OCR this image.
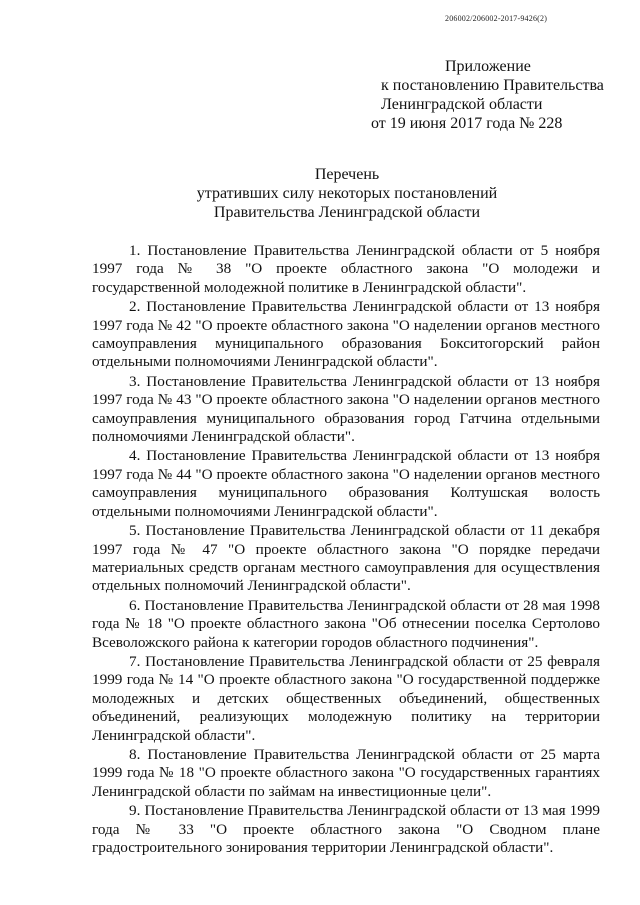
206002/206002-2017-9426(2)
Приложение
к постановлению Правительства
Ленинградской области
от 19 июня 2017 года № 228
Перечень
утративших силу некоторых постановлений
Правительства Ленинградской области

1. Постановление Правительства Ленинградской области от 5 ноября 1997 года № 38 "О проекте областного закона "О молодежи и государственной молодежной политике в Ленинградской области".

2. Постановление Правительства Ленинградской области от 13 ноября 1997 года № 42 "О проекте областного закона "О наделении органов местного самоуправления муниципального образования Бокситогорский район отдельными полномочиями Ленинградской области".

3. Постановление Правительства Ленинградской области от 13 ноября 1997 года № 43 "О проекте областного закона "О наделении органов местного самоуправления муниципального образования город Гатчина отдельными полномочиями Ленинградской области".

4. Постановление Правительства Ленинградской области от 13 ноября 1997 года № 44 "О проекте областного закона "О наделении органов местного самоуправления муниципального образования Колтушская волость отдельными полномочиями Ленинградской области".

5. Постановление Правительства Ленинградской области от 11 декабря 1997 года № 47 "О проекте областного закона "О порядке передачи материальных средств органам местного самоуправления для осуществления отдельных полномочий Ленинградской области".

6. Постановление Правительства Ленинградской области от 28 мая 1998 года № 18 "О проекте областного закона "Об отнесении поселка Сертолово Всеволожского района к категории городов областного подчинения".

7. Постановление Правительства Ленинградской области от 25 февраля 1999 года № 14 "О проекте областного закона "О государственной поддержке молодежных и детских общественных объединений, общественных объединений, реализующих молодежную политику на территории Ленинградской области".

8. Постановление Правительства Ленинградской области от 25 марта 1999 года № 18 "О проекте областного закона "О государственных гарантиях Ленинградской области по займам на инвестиционные цели".

9. Постановление Правительства Ленинградской области от 13 мая 1999 года № 33 "О проекте областного закона "О Сводном плане градостроительного зонирования территории Ленинградской области".
